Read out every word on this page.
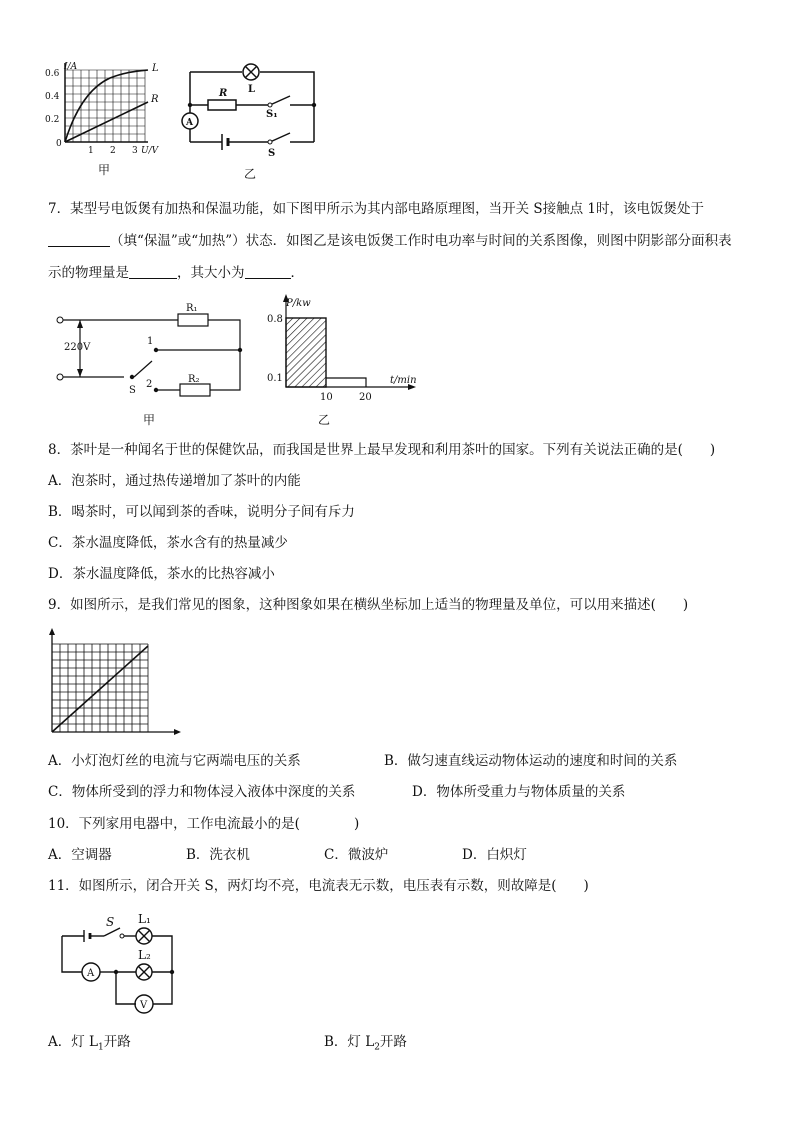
I/A
0.6
0.4
0.2
0
1 2 3 U/V
L
R
甲
L
R
A
S₁
S
乙
7．某型号电饭煲有加热和保温功能，如下图甲所示为其内部电路原理图，当开关 S接触点 1时，该电饭煲处于
（填“保温”或“加热”）状态．如图乙是该电饭煲工作时电功率与时间的关系图像，则图中阴影部分面积表
示的物理量是	，其大小为	．
R₁
R₂
220V
1
2
S
甲
P/kw
0.8
0.1
10	20
t/min
乙
8．茶叶是一种闻名于世的保健饮品，而我国是世界上最早发现和利用茶叶的国家。下列有关说法正确的是(　　)
A．泡茶时，通过热传递增加了茶叶的内能
B．喝茶时，可以闻到茶的香味，说明分子间有斥力
C．茶水温度降低，茶水含有的热量减少
D．茶水温度降低，茶水的比热容减小
9．如图所示，是我们常见的图象，这种图象如果在横纵坐标加上适当的物理量及单位，可以用来描述(　　)
A．小灯泡灯丝的电流与它两端电压的关系	B．做匀速直线运动物体运动的速度和时间的关系
C．物体所受到的浮力和物体浸入液体中深度的关系	D．物体所受重力与物体质量的关系
10．下列家用电器中，工作电流最小的是(　　　　)
A．空调器	B．洗衣机	C．微波炉	D．白炽灯
11．如图所示，闭合开关 S，两灯均不亮，电流表无示数，电压表有示数，则故障是(　　)
S L₁
L₂
A
V
A．灯 $L_1$开路	B．灯 $L_2$开路
